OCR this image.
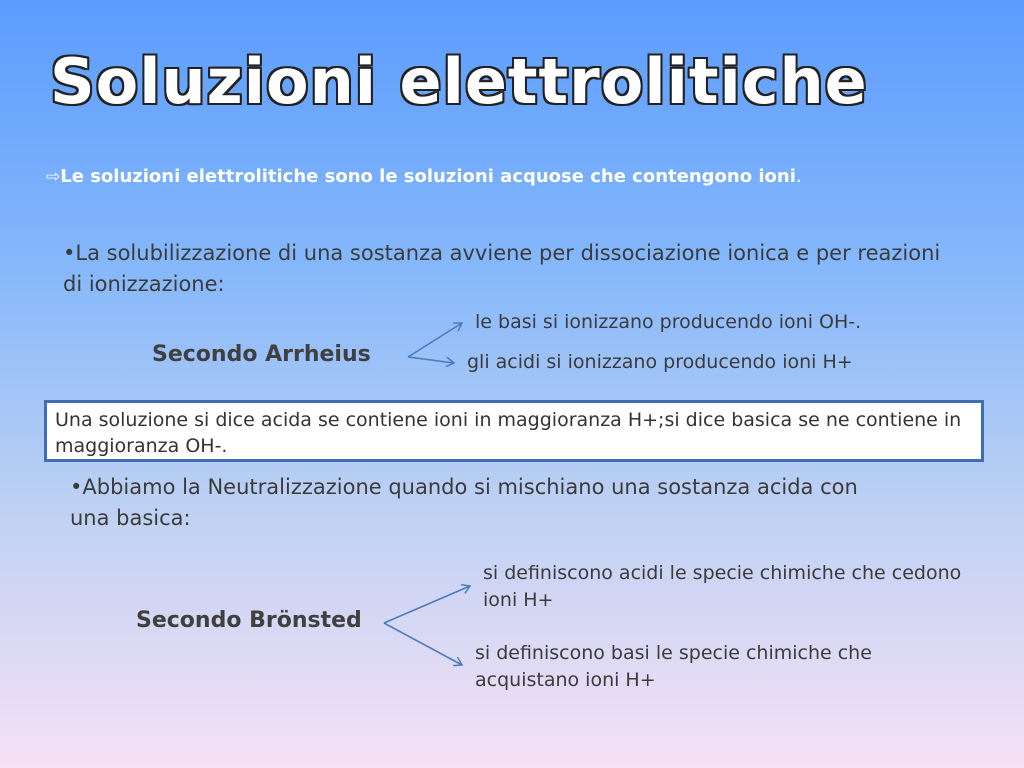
Soluzioni elettrolitiche
⇨Le soluzioni elettrolitiche sono le soluzioni acquose che contengono ioni.
•La solubilizzazione di una sostanza avviene per dissociazione ionica e per reazioni di ionizzazione:
Secondo Arrheius
le basi si ionizzano producendo ioni OH-.
gli acidi si ionizzano producendo ioni H+
Una soluzione si dice acida se contiene ioni in maggioranza H+;si dice basica se ne contiene in maggioranza OH-.
•Abbiamo la Neutralizzazione quando si mischiano una sostanza acida con una basica:
Secondo Brönsted
si definiscono acidi le specie chimiche che cedono ioni H+
si definiscono basi le specie chimiche che acquistano ioni H+
